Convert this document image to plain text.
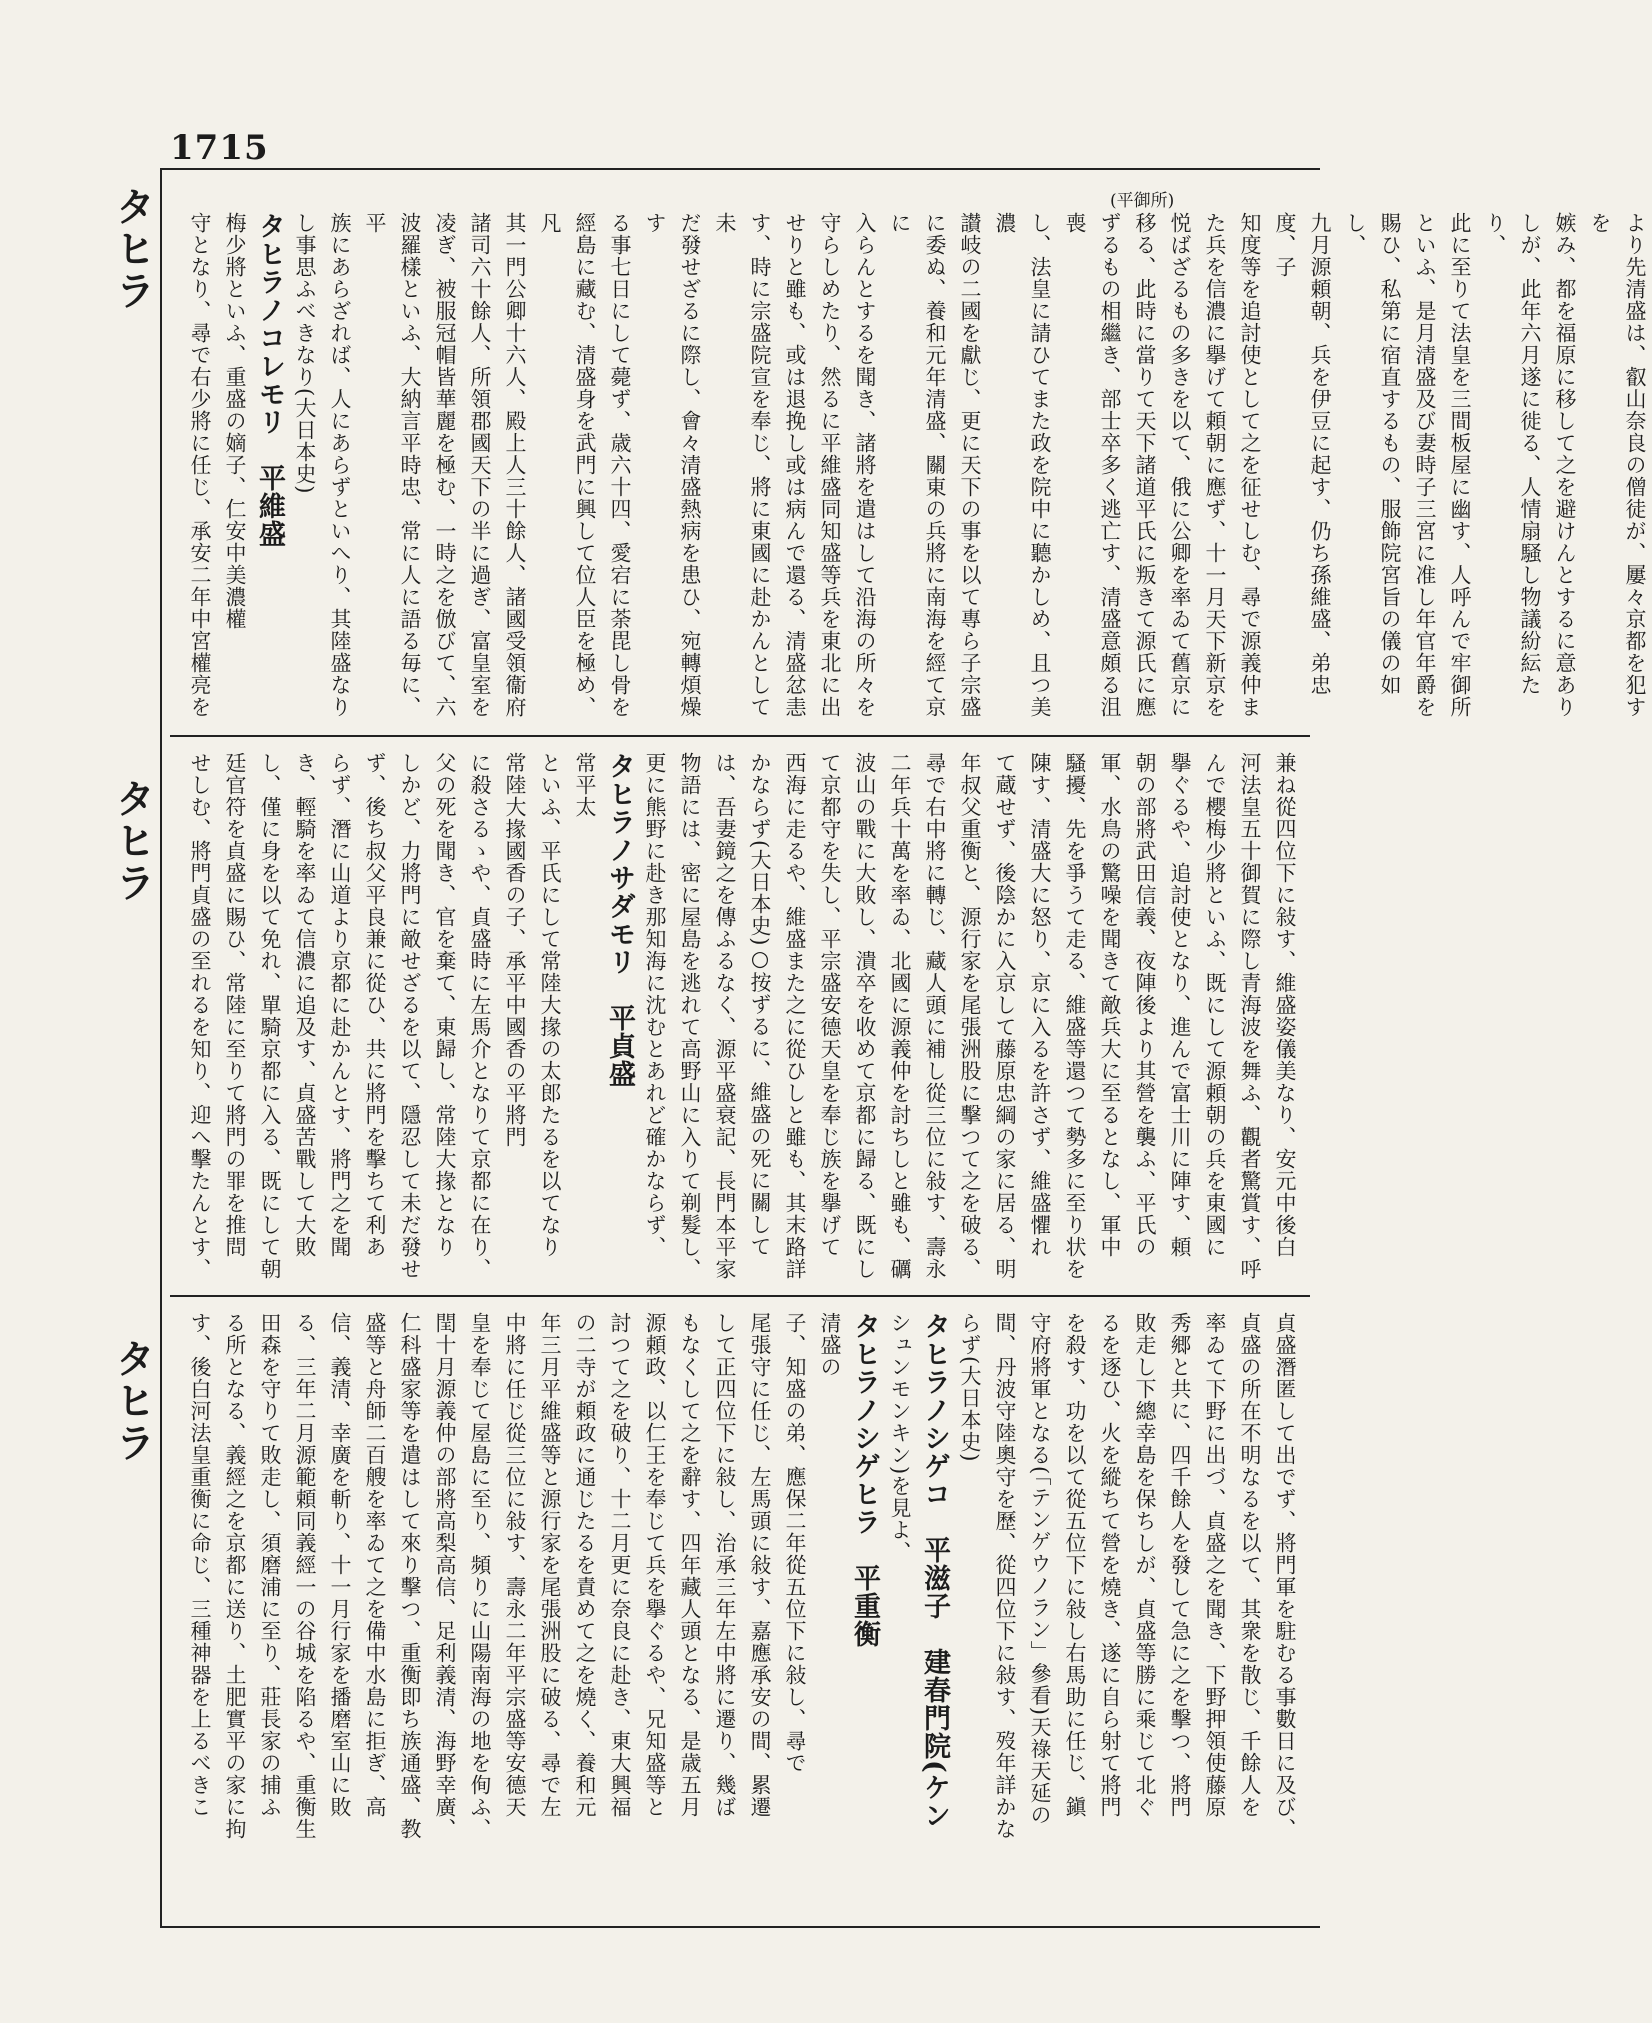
1715
タヒラ
タヒラ
タヒラ
(平御所)
より先清盛は、叡山奈良の僧徒が、屢々京都を犯すを
嫉み、都を福原に移して之を避けんとするに意あり
しが、此年六月遂に徙る、人情扇騒し物議紛紜たり、
此に至りて法皇を三間板屋に幽す、人呼んで牢御所
といふ、是月清盛及び妻時子三宮に准し年官年爵を
賜ひ、私第に宿直するもの、服飾院宮旨の儀の如し、
九月源頼朝、兵を伊豆に起す、仍ち孫維盛、弟忠度、子
知度等を追討使として之を征せしむ、尋で源義仲ま
た兵を信濃に擧げて頼朝に應ず、十一月天下新京を
悦ばざるもの多きを以て、俄に公卿を率ゐて舊京に
移る、此時に當りて天下諸道平氏に叛きて源氏に應
ずるもの相繼き、部士卒多く逃亡す、清盛意頗る沮喪
し、法皇に請ひてまた政を院中に聽かしめ、且つ美濃
讃岐の二國を獻じ、更に天下の事を以て專ら子宗盛
に委ぬ、養和元年清盛、關東の兵將に南海を經て京に
入らんとするを聞き、諸將を遣はして沿海の所々を
守らしめたり、然るに平維盛同知盛等兵を東北に出
せりと雖も、或は退挽し或は病んで還る、清盛忿恚
す、時に宗盛院宣を奉じ、將に東國に赴かんとして未
だ發せざるに際し、會々清盛熱病を患ひ、宛轉煩燥す
る事七日にして薨ず、歳六十四、愛宕に荼毘し骨を
經島に藏む、清盛身を武門に興して位人臣を極め、凡
其一門公卿十六人、殿上人三十餘人、諸國受領衞府
諸司六十餘人、所領郡國天下の半に過ぎ、富皇室を
凌ぎ、被服冠帽皆華麗を極む、一時之を倣びて、六
波羅樣といふ、大納言平時忠、常に人に語る毎に、平
族にあらざれば、人にあらずといへり、其陸盛なり
し事思ふべきなり(大日本史)
タヒラノコレモリ　平維盛
梅少將といふ、重盛の嫡子、仁安中美濃權
守となり、尋で右少將に任じ、承安二年中宮權亮を
兼ね從四位下に敍す、維盛姿儀美なり、安元中後白
河法皇五十御賀に際し青海波を舞ふ、觀者驚賞す、呼
んで櫻梅少將といふ、既にして源頼朝の兵を東國に
擧ぐるや、追討使となり、進んで富士川に陣す、頼
朝の部將武田信義、夜陣後より其營を襲ふ、平氏の
軍、水鳥の驚噪を聞きて敵兵大に至るとなし、軍中
騷擾、先を爭うて走る、維盛等還つて勢多に至り状を
陳す、清盛大に怒り、京に入るを許さず、維盛懼れ
て蔵せず、後陰かに入京して藤原忠綱の家に居る、明
年叔父重衡と、源行家を尾張洲股に擊つて之を破る、
尋で右中將に轉じ、藏人頭に補し從三位に敍す、壽永
二年兵十萬を率ゐ、北國に源義仲を討ちしと雖も、礪
波山の戰に大敗し、潰卒を收めて京都に歸る、既にし
て京都守を失し、平宗盛安德天皇を奉じ族を擧げて
西海に走るや、維盛また之に從ひしと雖も、其末路詳
かならず(大日本史)○按ずるに、維盛の死に關して
は、吾妻鏡之を傳ふるなく、源平盛衰記、長門本平家
物語には、密に屋島を逃れて高野山に入りて剃髮し、
更に熊野に赴き那知海に沈むとあれど確かならず、
タヒラノサダモリ　平貞盛
常平太
といふ、平氏にして常陸大掾の太郎たるを以てなり
常陸大掾國香の子、承平中國香の平將門
に殺さるゝや、貞盛時に左馬介となりて京都に在り、
父の死を聞き、官を棄て、東歸し、常陸大掾となり
しかど、力將門に敵せざるを以て、隱忍して未だ發せ
ず、後ち叔父平良兼に從ひ、共に將門を擊ちて利あ
らず、潛に山道より京都に赴かんとす、將門之を聞
き、輕騎を率ゐて信濃に追及す、貞盛苦戰して大敗
し、僅に身を以て免れ、單騎京都に入る、既にして朝
廷官符を貞盛に賜ひ、常陸に至りて將門の罪を推問
せしむ、將門貞盛の至れるを知り、迎へ擊たんとす、
貞盛潛匿して出でず、將門軍を駐むる事數日に及び、
貞盛の所在不明なるを以て、其衆を散じ、千餘人を
率ゐて下野に出づ、貞盛之を聞き、下野押領使藤原
秀郷と共に、四千餘人を發して急に之を擊つ、將門
敗走し下總幸島を保ちしが、貞盛等勝に乘じて北ぐ
るを逐ひ、火を縱ちて營を燒き、遂に自ら射て將門
を殺す、功を以て從五位下に敍し右馬助に任じ、鎭
守府將軍となる(「テンゲウノラン」參看)天祿天延の
間、丹波守陸奧守を歷、從四位下に敍す、歿年詳かな
らず(大日本史)
タヒラノシゲコ　平滋子　建春門院(ケン
シュンモンキン)を見よ、
タヒラノシゲヒラ　平重衡
清盛の
子、知盛の弟、應保二年從五位下に敍し、尋で
尾張守に任じ、左馬頭に敍す、嘉應承安の間、累遷
して正四位下に敍し、治承三年左中將に遷り、幾ば
もなくして之を辭す、四年藏人頭となる、是歳五月
源頼政、以仁王を奉じて兵を擧ぐるや、兄知盛等と
討つて之を破り、十二月更に奈良に赴き、東大興福
の二寺が頼政に通じたるを責めて之を燒く、養和元
年三月平維盛等と源行家を尾張洲股に破る、尋で左
中將に任じ從三位に敍す、壽永二年平宗盛等安德天
皇を奉じて屋島に至り、頻りに山陽南海の地を侚ふ、
閏十月源義仲の部將高梨高信、足利義清、海野幸廣、
仁科盛家等を遣はして來り擊つ、重衡即ち族通盛、教
盛等と舟師二百艘を率ゐて之を備中水島に拒ぎ、高
信、義清、幸廣を斬り、十一月行家を播磨室山に敗
る、三年二月源範頼同義經一の谷城を陷るや、重衡生
田森を守りて敗走し、須磨浦に至り、莊長家の捕ふ
る所となる、義經之を京都に送り、土肥實平の家に拘
す、後白河法皇重衡に命じ、三種神器を上るべきこ
